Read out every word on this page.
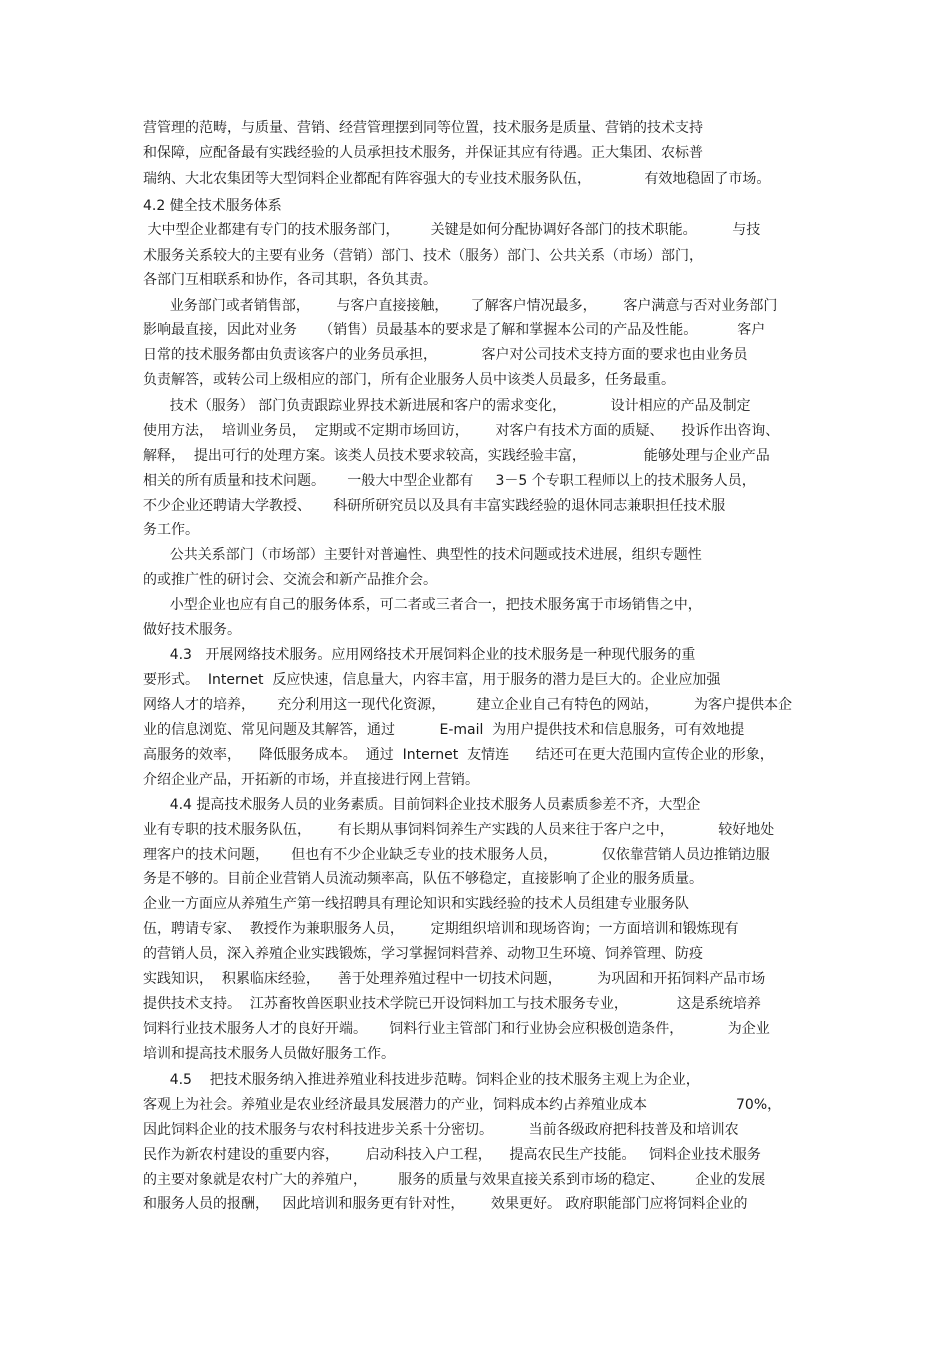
营管理的范畴，与质量、营销、经营管理摆到同等位置，技术服务是质量、营销的技术支持
和保障，应配备最有实践经验的人员承担技术服务，并保证其应有待遇。正大集团、农标普
瑞纳、大北农集团等大型饲料企业都配有阵容强大的专业技术服务队伍，            有效地稳固了市场。
4.2 健全技术服务体系
大中型企业都建有专门的技术服务部门，       关键是如何分配协调好各部门的技术职能。        与技
术服务关系较大的主要有业务（营销）部门、技术（服务）部门、公共关系（市场）部门，
各部门互相联系和协作，各司其职，各负其责。
业务部门或者销售部，      与客户直接接触，     了解客户情况最多，      客户满意与否对业务部门
影响最直接，因此对业务     （销售）员最基本的要求是了解和掌握本公司的产品及性能。         客户
日常的技术服务都由负责该客户的业务员承担，          客户对公司技术支持方面的要求也由业务员
负责解答，或转公司上级相应的部门，所有企业服务人员中该类人员最多，任务最重。
技术（服务） 部门负责跟踪业界技术新进展和客户的需求变化，          设计相应的产品及制定
使用方法，  培训业务员，  定期或不定期市场回访，      对客户有技术方面的质疑、    投诉作出咨询、
解释，  提出可行的处理方案。该类人员技术要求较高，实践经验丰富，             能够处理与企业产品
相关的所有质量和技术问题。     一般大中型企业都有     3－5 个专职工程师以上的技术服务人员，
不少企业还聘请大学教授、     科研所研究员以及具有丰富实践经验的退休同志兼职担任技术服
务工作。
公共关系部门（市场部）主要针对普遍性、典型性的技术问题或技术进展，组织专题性
的或推广性的研讨会、交流会和新产品推介会。
小型企业也应有自己的服务体系，可二者或三者合一，把技术服务寓于市场销售之中，
做好技术服务。
4.3   开展网络技术服务。应用网络技术开展饲料企业的技术服务是一种现代服务的重
要形式。  Internet  反应快速，信息量大，内容丰富，用于服务的潜力是巨大的。企业应加强
网络人才的培养，     充分利用这一现代化资源，       建立企业自己有特色的网站，        为客户提供本企
业的信息浏览、常见问题及其解答，通过          E-mail  为用户提供技术和信息服务，可有效地提
高服务的效率，    降低服务成本。  通过  Internet  友情连      结还可在更大范围内宣传企业的形象，
介绍企业产品，开拓新的市场，并直接进行网上营销。
4.4 提高技术服务人员的业务素质。目前饲料企业技术服务人员素质参差不齐，大型企
业有专职的技术服务队伍，      有长期从事饲料饲养生产实践的人员来往于客户之中，          较好地处
理客户的技术问题，     但也有不少企业缺乏专业的技术服务人员，          仅依靠营销人员边推销边服
务是不够的。目前企业营销人员流动频率高，队伍不够稳定，直接影响了企业的服务质量。
企业一方面应从养殖生产第一线招聘具有理论知识和实践经验的技术人员组建专业服务队
伍，聘请专家、  教授作为兼职服务人员，      定期组织培训和现场咨询；一方面培训和锻炼现有
的营销人员，深入养殖企业实践锻炼，学习掌握饲料营养、动物卫生环境、饲养管理、防疫
实践知识，  积累临床经验，    善于处理养殖过程中一切技术问题，        为巩固和开拓饲料产品市场
提供技术支持。  江苏畜牧兽医职业技术学院已开设饲料加工与技术服务专业，           这是系统培养
饲料行业技术服务人才的良好开端。     饲料行业主管部门和行业协会应积极创造条件，          为企业
培训和提高技术服务人员做好服务工作。
4.5    把技术服务纳入推进养殖业科技进步范畴。饲料企业的技术服务主观上为企业，
客观上为社会。养殖业是农业经济最具发展潜力的产业，饲料成本约占养殖业成本                    70%，
因此饲料企业的技术服务与农村科技进步关系十分密切。        当前各级政府把科技普及和培训农
民作为新农村建设的重要内容，      启动科技入户工程，    提高农民生产技能。   饲料企业技术服务
的主要对象就是农村广大的养殖户，       服务的质量与效果直接关系到市场的稳定、       企业的发展
和服务人员的报酬，   因此培训和服务更有针对性，      效果更好。 政府职能部门应将饲料企业的
